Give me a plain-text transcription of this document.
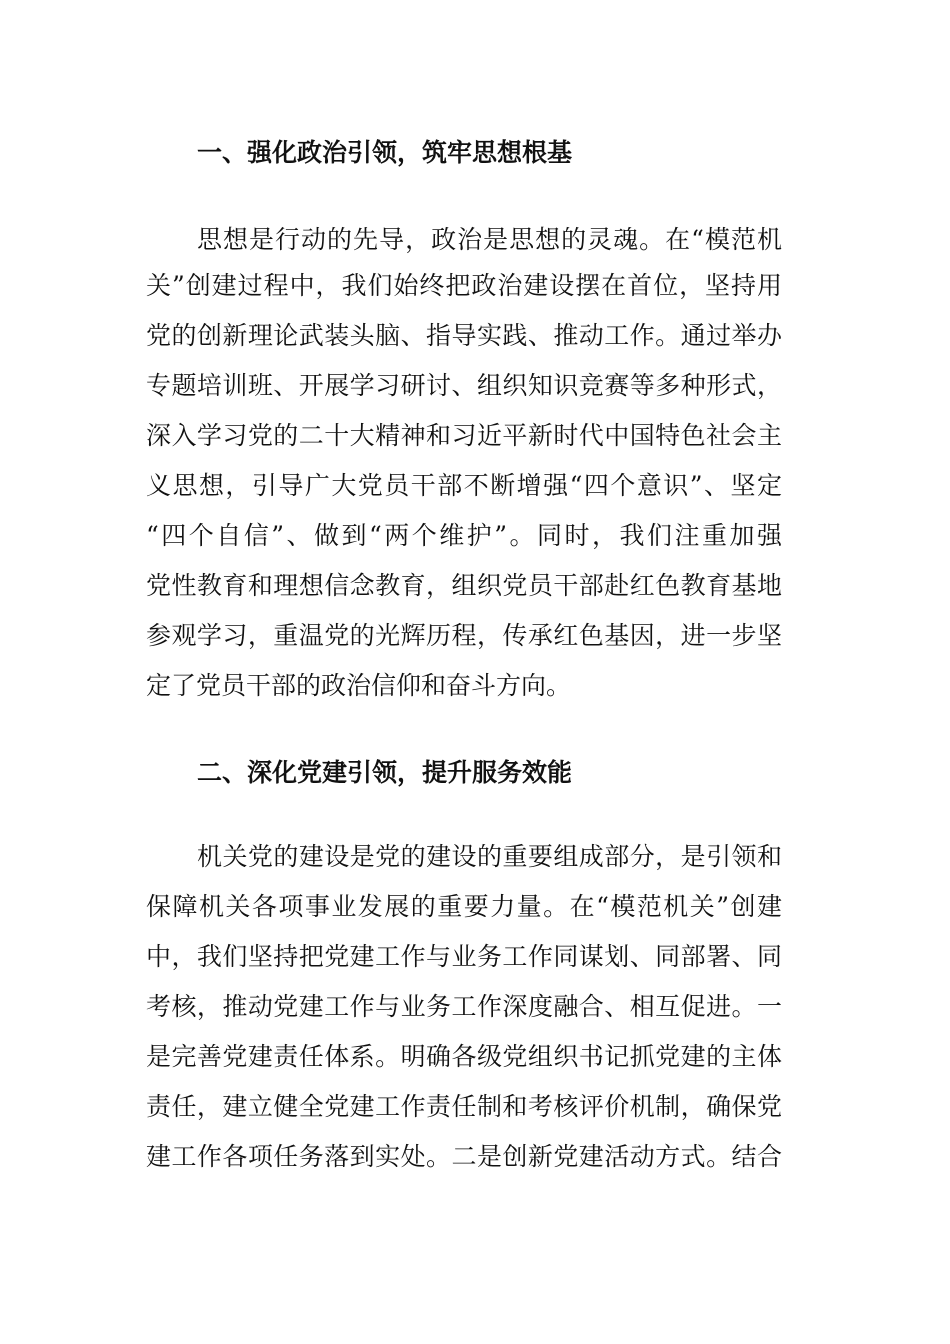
一、强化政治引领，筑牢思想根基
思想是行动的先导，政治是思想的灵魂。在“模范机
关”创建过程中，我们始终把政治建设摆在首位，坚持用
党的创新理论武装头脑、指导实践、推动工作。通过举办
专题培训班、开展学习研讨、组织知识竞赛等多种形式，
深入学习党的二十大精神和习近平新时代中国特色社会主
义思想，引导广大党员干部不断增强“四个意识”、坚定
“四个自信”、做到“两个维护”。同时，我们注重加强
党性教育和理想信念教育，组织党员干部赴红色教育基地
参观学习，重温党的光辉历程，传承红色基因，进一步坚
定了党员干部的政治信仰和奋斗方向。
二、深化党建引领，提升服务效能
机关党的建设是党的建设的重要组成部分，是引领和
保障机关各项事业发展的重要力量。在“模范机关”创建
中，我们坚持把党建工作与业务工作同谋划、同部署、同
考核，推动党建工作与业务工作深度融合、相互促进。一
是完善党建责任体系。明确各级党组织书记抓党建的主体
责任，建立健全党建工作责任制和考核评价机制，确保党
建工作各项任务落到实处。二是创新党建活动方式。结合
